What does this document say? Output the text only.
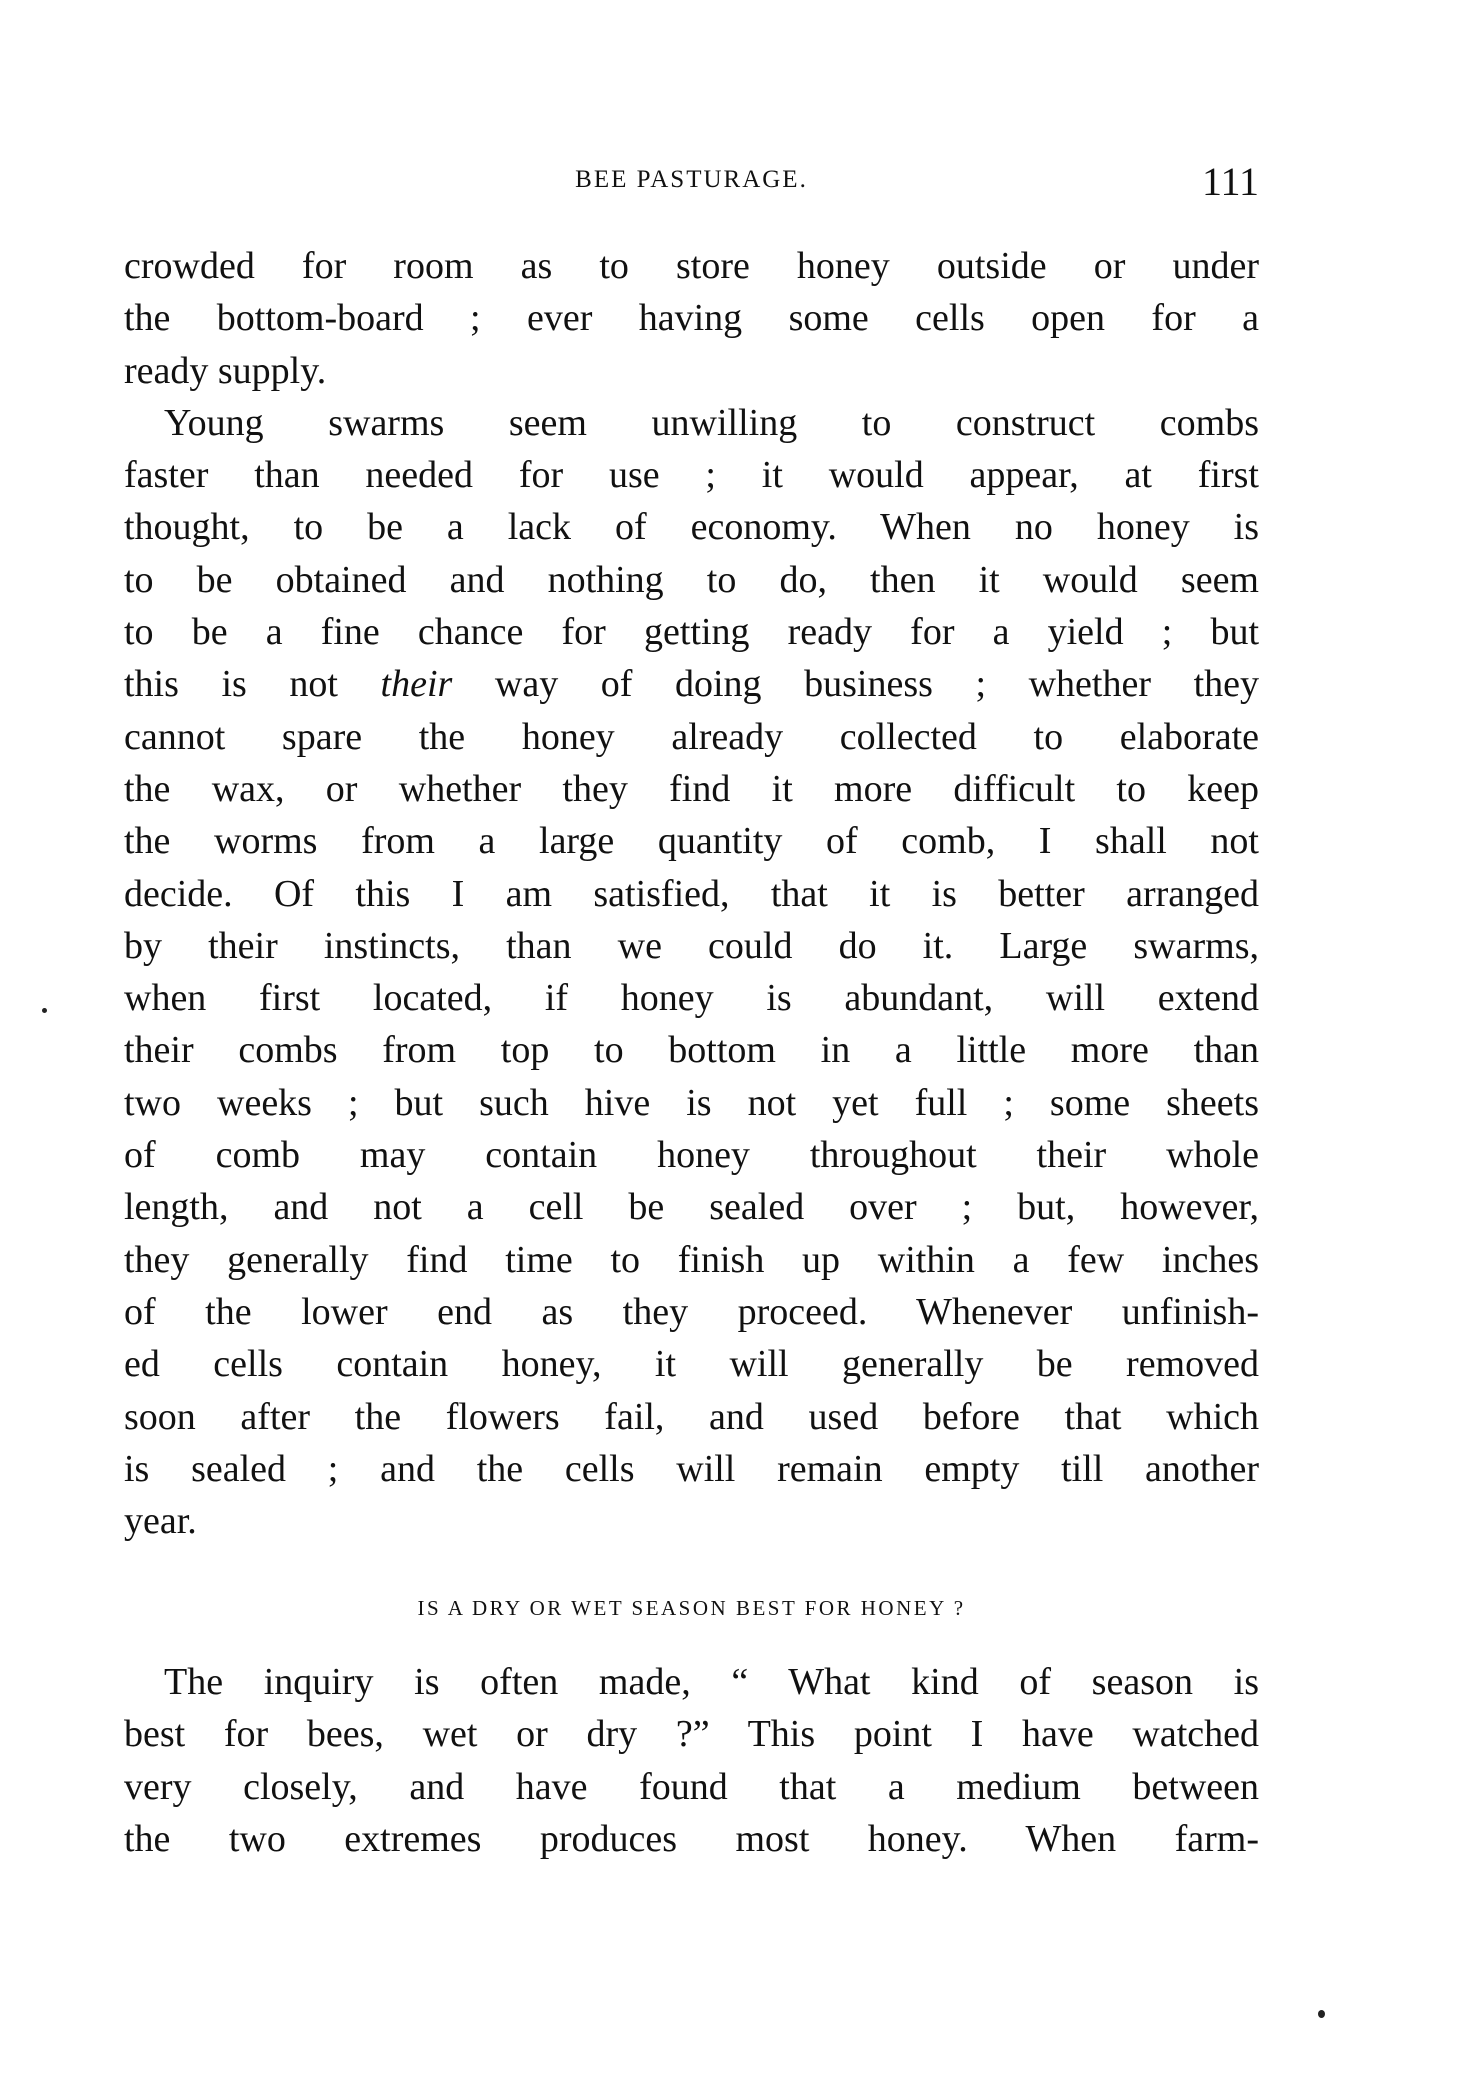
BEE PASTURAGE.	111
crowded for room as to store honey outside or under
the bottom-board ; ever having some cells open for a
ready supply.
Young swarms seem unwilling to construct combs
faster than needed for use ; it would appear, at first
thought, to be a lack of economy. When no honey is
to be obtained and nothing to do, then it would seem
to be a fine chance for getting ready for a yield ; but
this is not their way of doing business ; whether they
cannot spare the honey already collected to elaborate
the wax, or whether they find it more difficult to keep
the worms from a large quantity of comb, I shall not
decide. Of this I am satisfied, that it is better arranged
by their instincts, than we could do it. Large swarms,
when first located, if honey is abundant, will extend
their combs from top to bottom in a little more than
two weeks ; but such hive is not yet full ; some sheets
of comb may contain honey throughout their whole
length, and not a cell be sealed over ; but, however,
they generally find time to finish up within a few inches
of the lower end as they proceed. Whenever unfinish-
ed cells contain honey, it will generally be removed
soon after the flowers fail, and used before that which
is sealed ; and the cells will remain empty till another
year.
IS A DRY OR WET SEASON BEST FOR HONEY ?
The inquiry is often made, “ What kind of season is
best for bees, wet or dry ?” This point I have watched
very closely, and have found that a medium between
the two extremes produces most honey. When farm-
